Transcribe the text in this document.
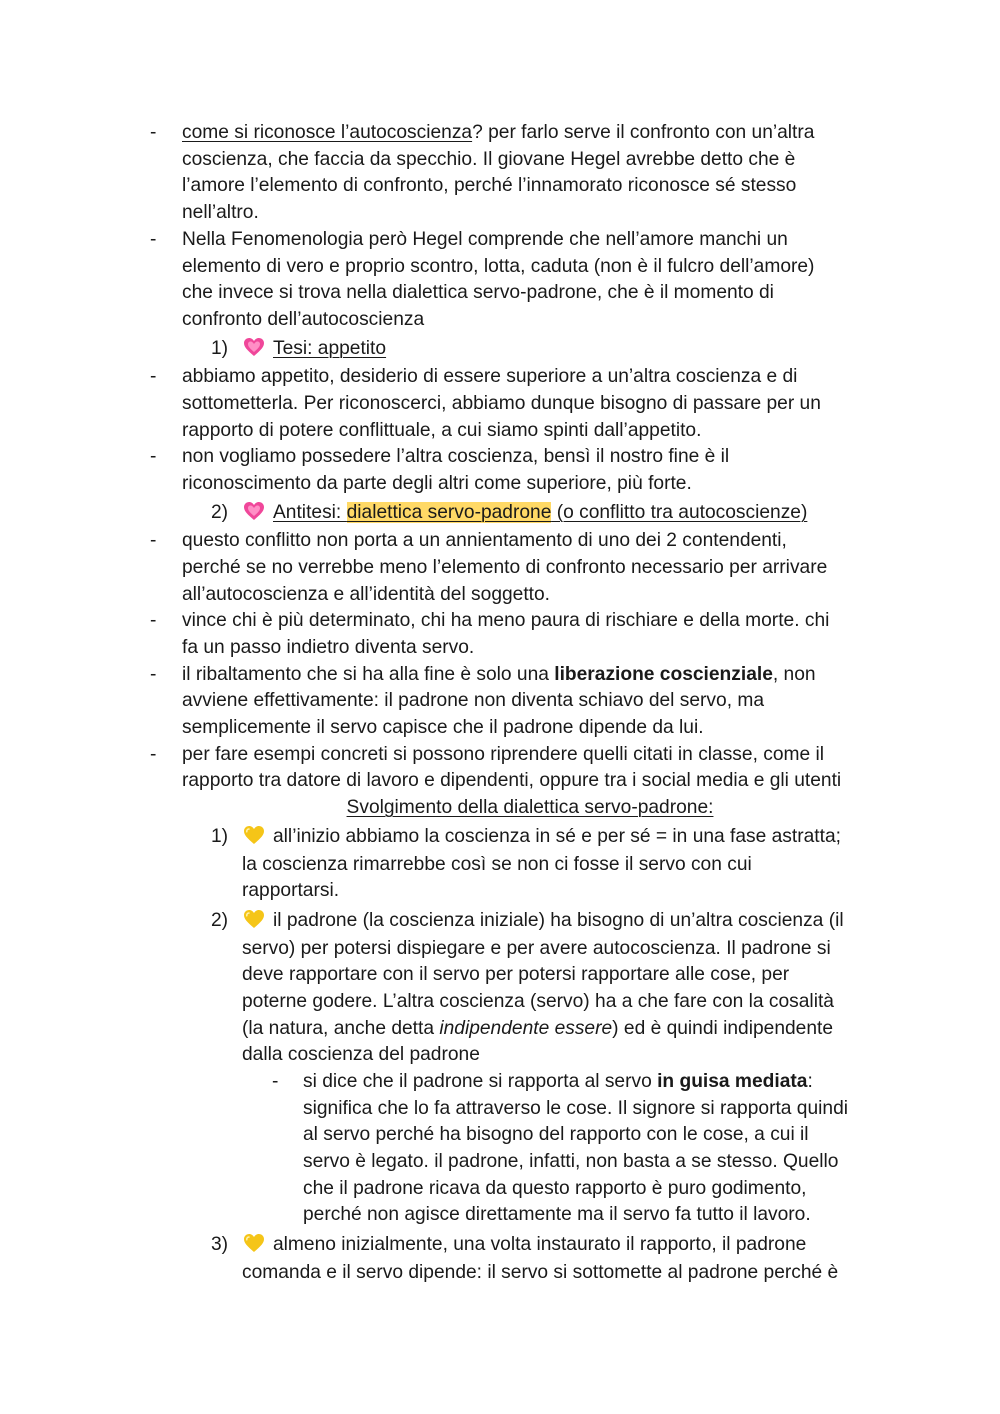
- come si riconosce l’autocoscienza? per farlo serve il confronto con un’altra
coscienza, che faccia da specchio. Il giovane Hegel avrebbe detto che è
l’amore l’elemento di confronto, perché l’innamorato riconosce sé stesso
nell’altro.
- Nella Fenomenologia però Hegel comprende che nell’amore manchi un
elemento di vero e proprio scontro, lotta, caduta (non è il fulcro dell’amore)
che invece si trova nella dialettica servo-padrone, che è il momento di
confronto dell’autocoscienza
1) Tesi: appetito
- abbiamo appetito, desiderio di essere superiore a un’altra coscienza e di
sottometterla. Per riconoscerci, abbiamo dunque bisogno di passare per un
rapporto di potere conflittuale, a cui siamo spinti dall’appetito.
- non vogliamo possedere l’altra coscienza, bensì il nostro fine è il
riconoscimento da parte degli altri come superiore, più forte.
2) Antitesi: dialettica servo-padrone (o conflitto tra autocoscienze)
- questo conflitto non porta a un annientamento di uno dei 2 contendenti,
perché se no verrebbe meno l’elemento di confronto necessario per arrivare
all’autocoscienza e all’identità del soggetto.
- vince chi è più determinato, chi ha meno paura di rischiare e della morte. chi
fa un passo indietro diventa servo.
- il ribaltamento che si ha alla fine è solo una liberazione coscienziale, non
avviene effettivamente: il padrone non diventa schiavo del servo, ma
semplicemente il servo capisce che il padrone dipende da lui.
- per fare esempi concreti si possono riprendere quelli citati in classe, come il
rapporto tra datore di lavoro e dipendenti, oppure tra i social media e gli utenti
Svolgimento della dialettica servo-padrone:
1) all’inizio abbiamo la coscienza in sé e per sé = in una fase astratta;
la coscienza rimarrebbe così se non ci fosse il servo con cui
rapportarsi.
2) il padrone (la coscienza iniziale) ha bisogno di un’altra coscienza (il
servo) per potersi dispiegare e per avere autocoscienza. Il padrone si
deve rapportare con il servo per potersi rapportare alle cose, per
poterne godere. L’altra coscienza (servo) ha a che fare con la cosalità
(la natura, anche detta indipendente essere) ed è quindi indipendente
dalla coscienza del padrone
- si dice che il padrone si rapporta al servo in guisa mediata:
significa che lo fa attraverso le cose. Il signore si rapporta quindi
al servo perché ha bisogno del rapporto con le cose, a cui il
servo è legato. il padrone, infatti, non basta a se stesso. Quello
che il padrone ricava da questo rapporto è puro godimento,
perché non agisce direttamente ma il servo fa tutto il lavoro.
3) almeno inizialmente, una volta instaurato il rapporto, il padrone
comanda e il servo dipende: il servo si sottomette al padrone perché è
